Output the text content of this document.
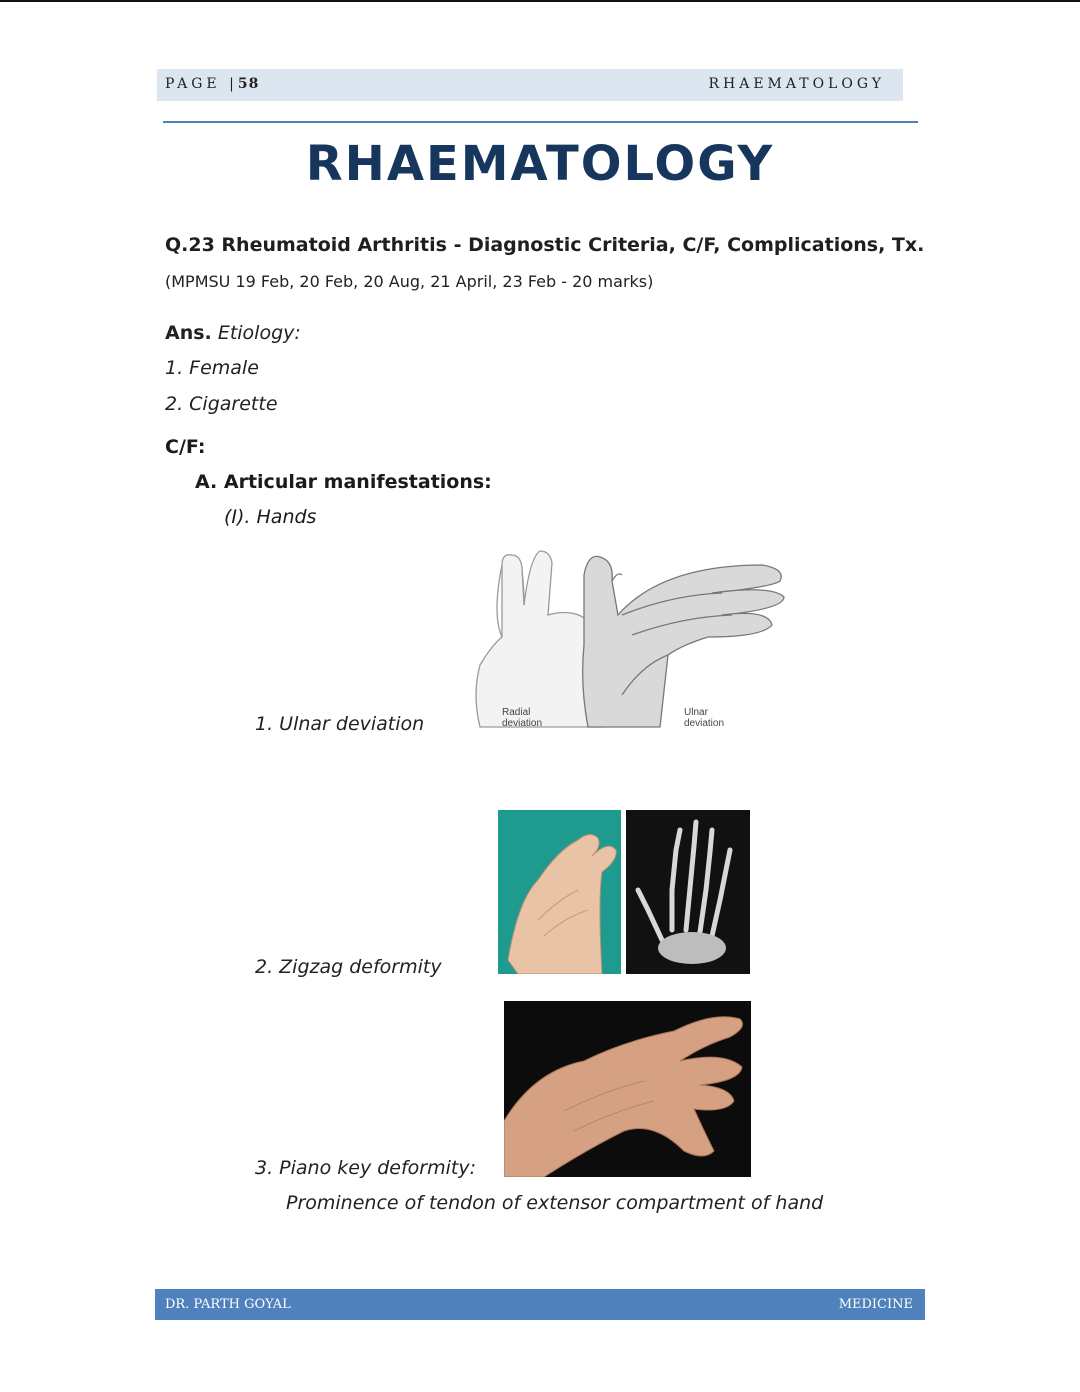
PAGE |58	RHAEMATOLOGY
RHAEMATOLOGY
Q.23 Rheumatoid Arthritis - Diagnostic Criteria, C/F, Complications, Tx.
(MPMSU 19 Feb, 20 Feb, 20 Aug, 21 April, 23 Feb - 20 marks)
Ans. Etiology:
1. Female
2. Cigarette
C/F:
A. Articular manifestations:
(I). Hands
Radial
deviation
Ulnar
deviation
1. Ulnar deviation
2. Zigzag deformity
3. Piano key deformity:
Prominence of tendon of extensor compartment of hand
DR. PARTH GOYAL	MEDICINE
